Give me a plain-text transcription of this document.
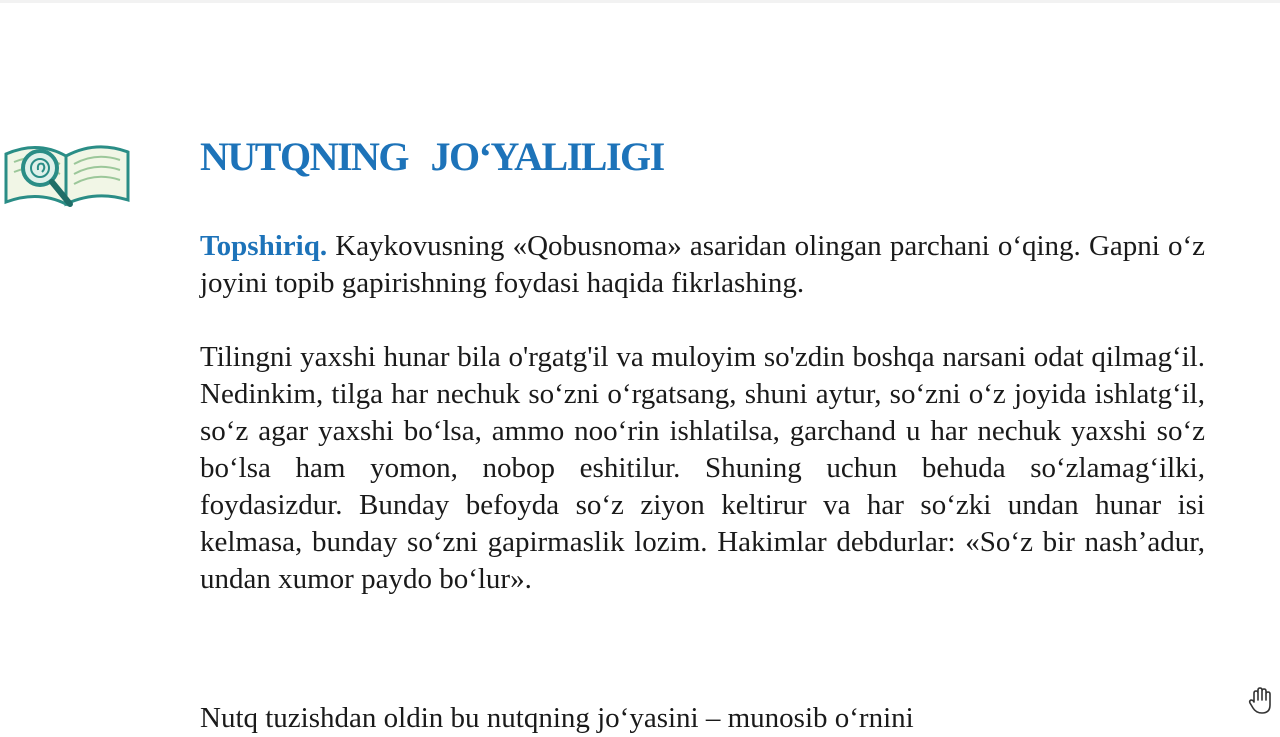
NUTQNING JO‘YALILIGI

Topshiriq. Kaykovusning «Qobusnoma» asaridan olingan parchani o‘qing. Gapni o‘z joyini topib gapirishning foydasi haqida fikrlashing.

Tilingni yaxshi hunar bila o'rgatg'il va muloyim so'zdin boshqa narsani odat qilmag‘il. Nedinkim, tilga har nechuk so‘zni o‘rgatsang, shuni aytur, so‘zni o‘z joyida ishlatg‘il, so‘z agar yaxshi bo‘lsa, ammo noo‘rin ishlatilsa, garchand u har nechuk yaxshi so‘z bo‘lsa ham yomon, nobop eshitilur. Shuning uchun behuda so‘zlamag‘ilki, foydasizdur. Bunday befoyda so‘z ziyon keltirur va har so‘zki undan hunar isi kelmasa, bunday so‘zni gapirmaslik lozim. Hakimlar debdurlar: «So‘z bir nash’adur, undan xumor paydo bo‘lur».

Nutq tuzishdan oldin bu nutqning jo‘yasini – munosib o‘rnini
